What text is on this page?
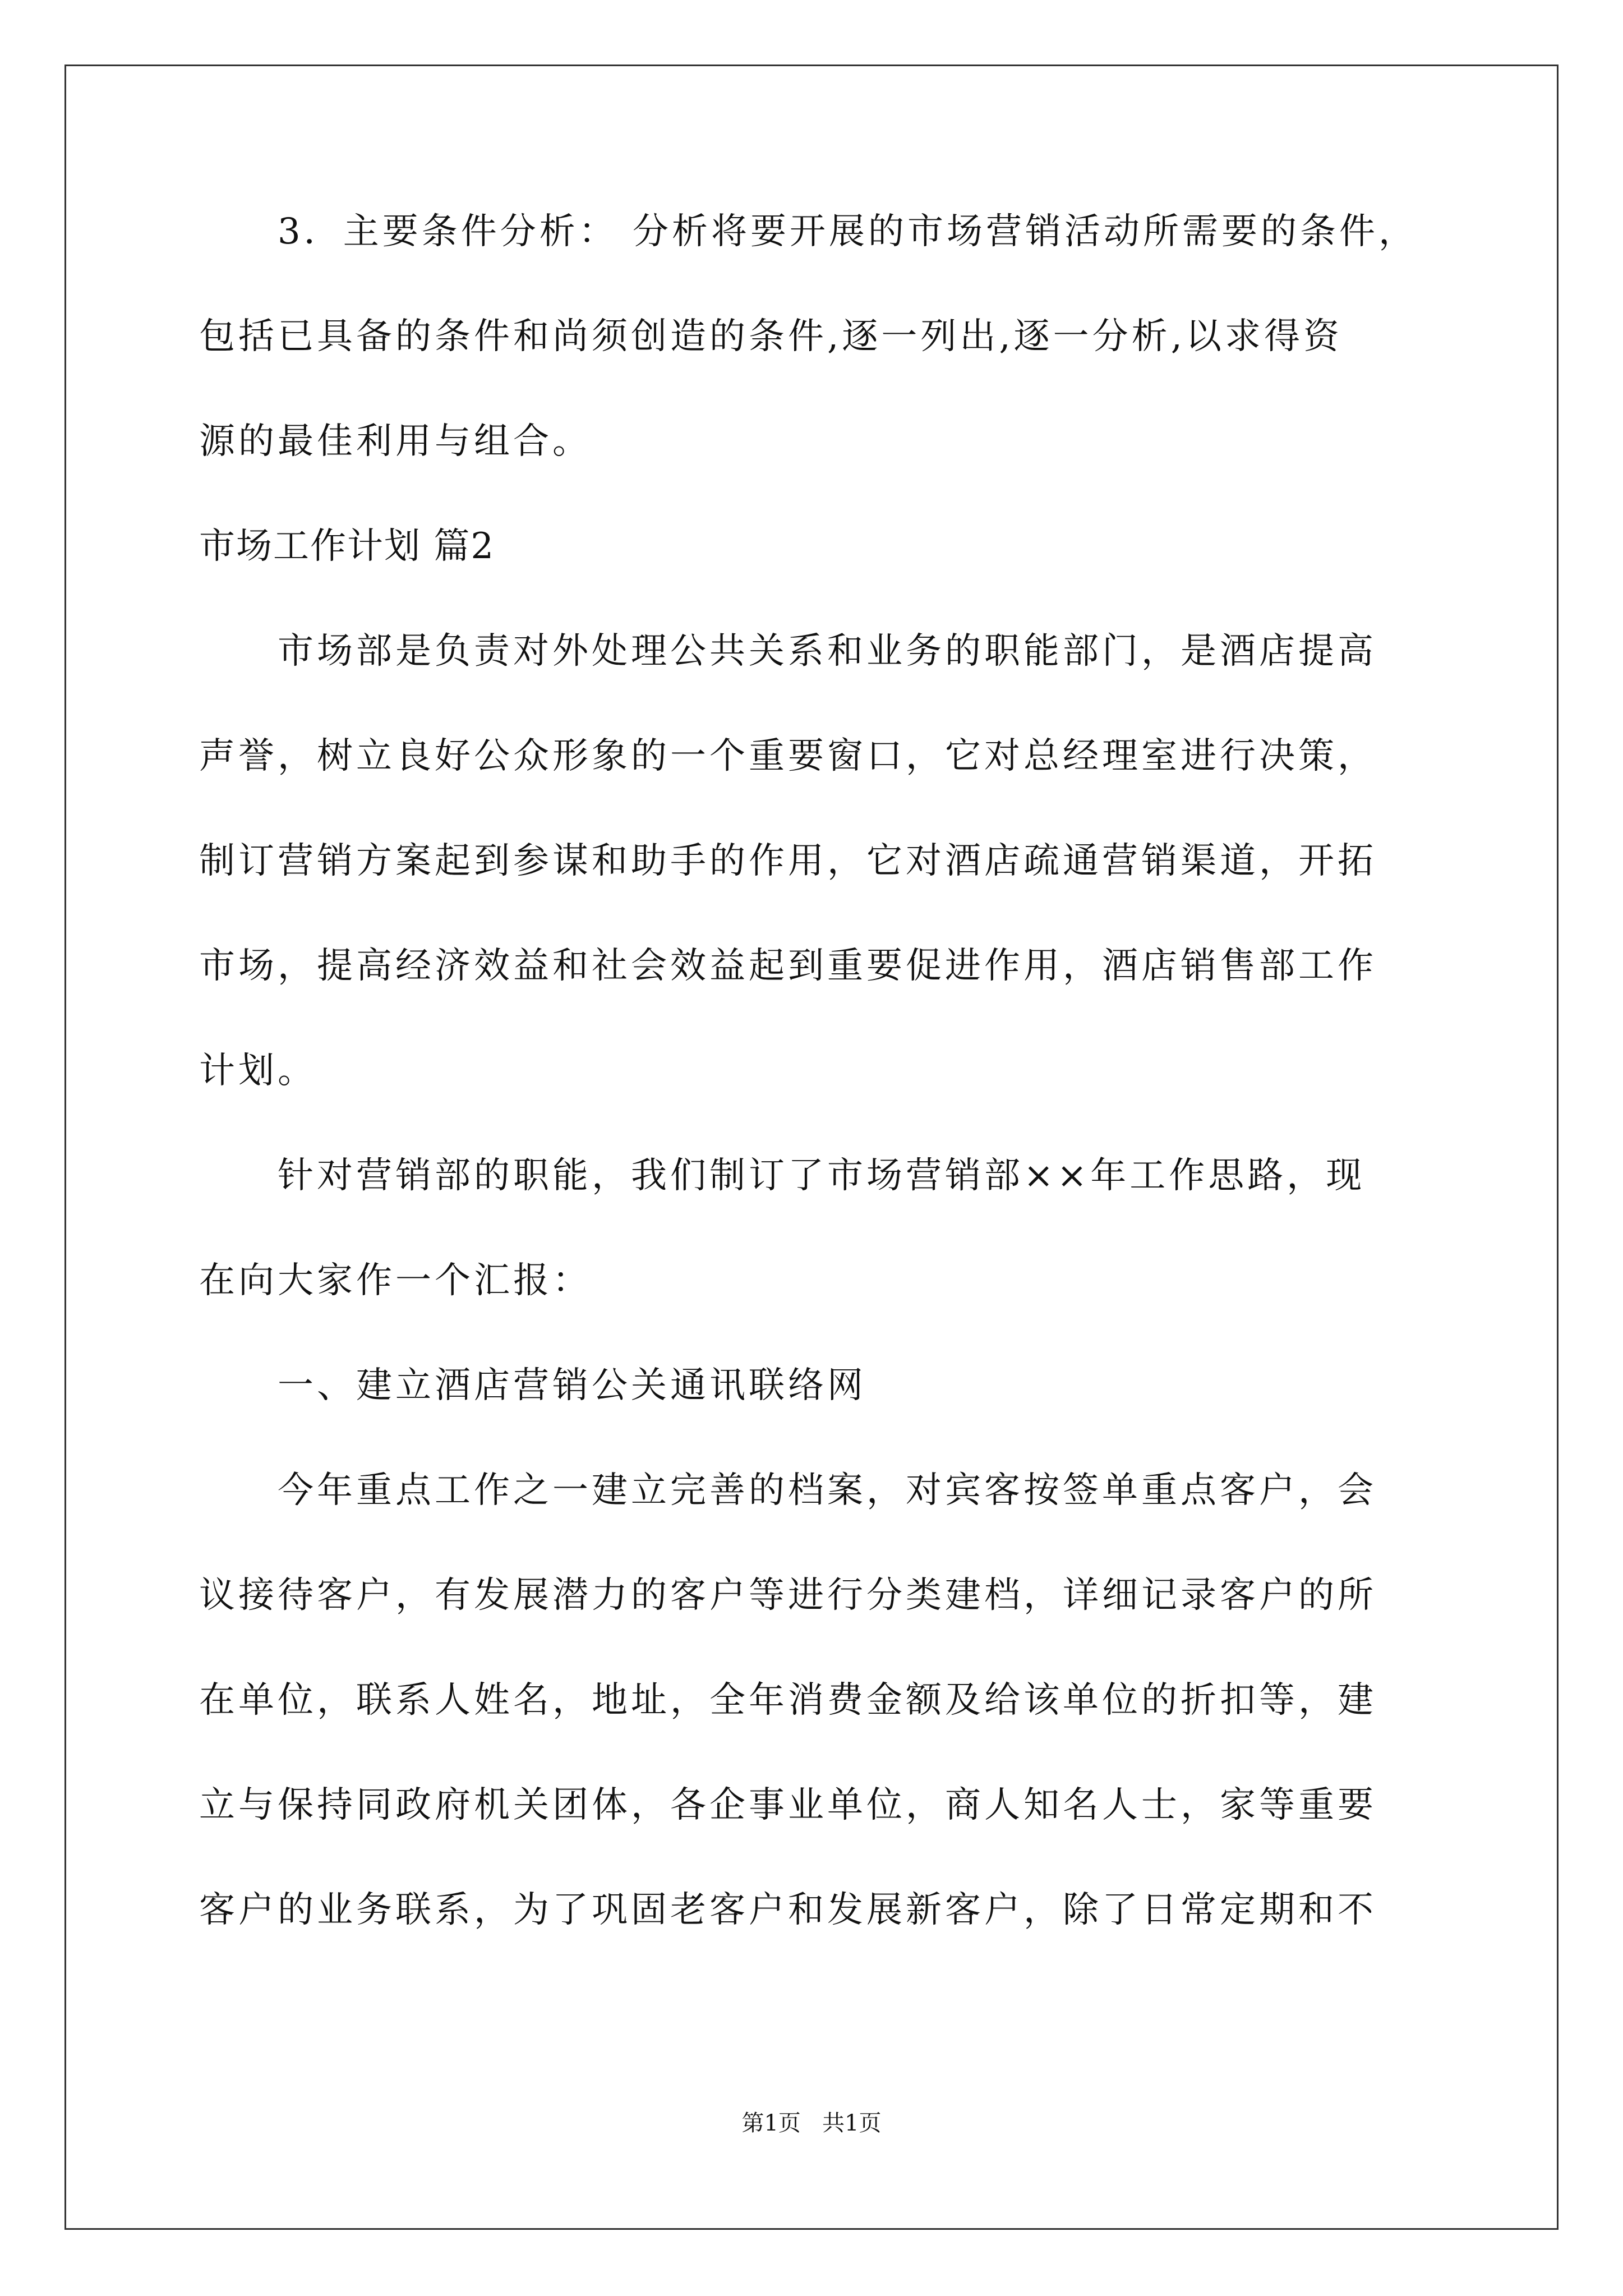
3．主要条件分析： 分析将要开展的市场营销活动所需要的条件，
包括已具备的条件和尚须创造的条件,逐一列出,逐一分析,以求得资
源的最佳利用与组合。
市场工作计划 篇2
市场部是负责对外处理公共关系和业务的职能部门，是酒店提高
声誉，树立良好公众形象的一个重要窗口，它对总经理室进行决策，
制订营销方案起到参谋和助手的作用，它对酒店疏通营销渠道，开拓
市场，提高经济效益和社会效益起到重要促进作用，酒店销售部工作
计划。
针对营销部的职能，我们制订了市场营销部××年工作思路，现
在向大家作一个汇报：
一、建立酒店营销公关通讯联络网
今年重点工作之一建立完善的档案，对宾客按签单重点客户，会
议接待客户，有发展潜力的客户等进行分类建档，详细记录客户的所
在单位，联系人姓名，地址，全年消费金额及给该单位的折扣等，建
立与保持同政府机关团体，各企事业单位，商人知名人士，家等重要
客户的业务联系，为了巩固老客户和发展新客户，除了日常定期和不
第1页   共1页
